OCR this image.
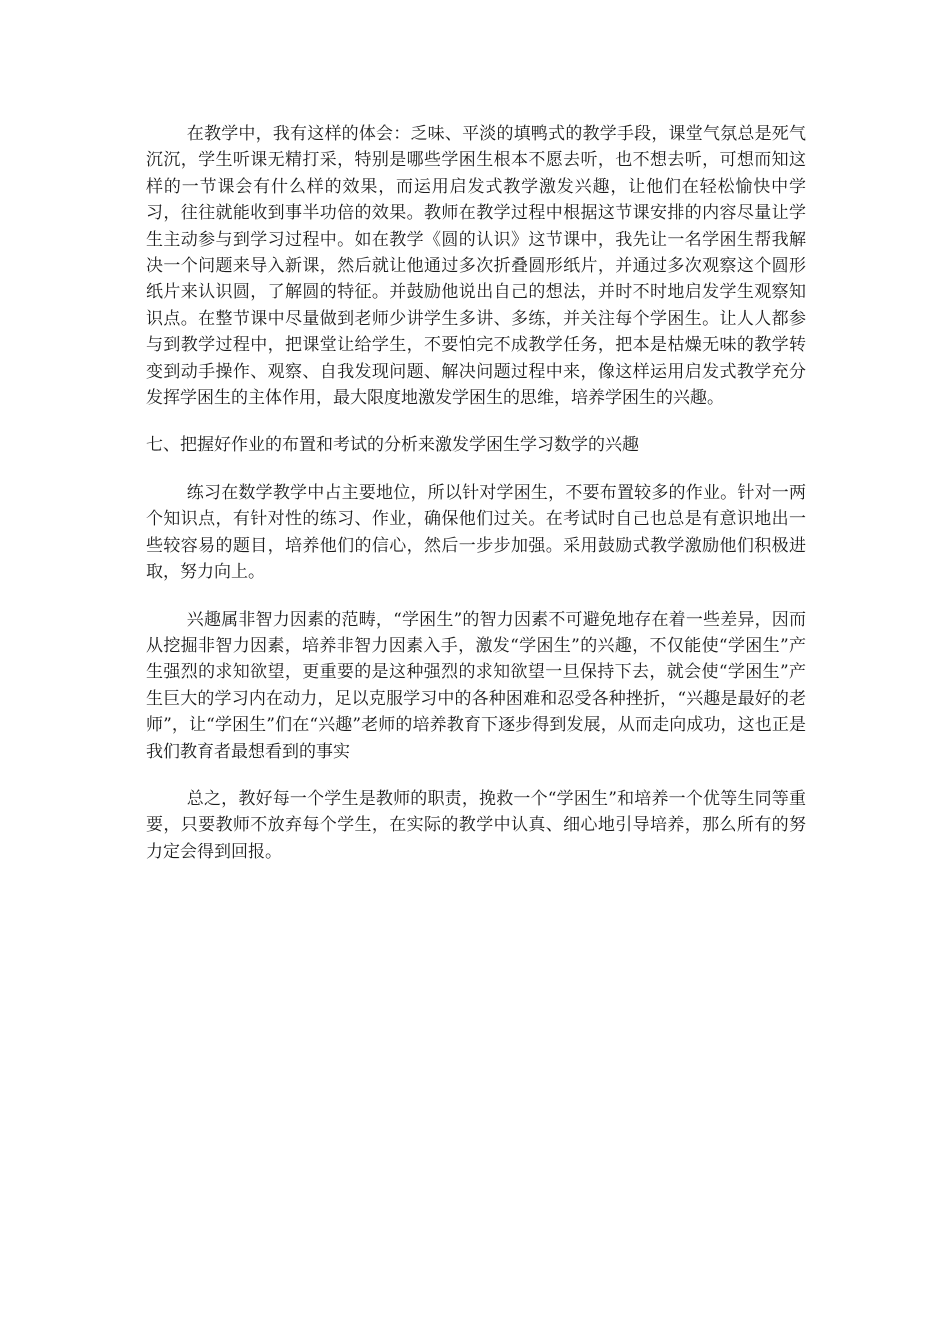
在教学中，我有这样的体会：乏味、平淡的填鸭式的教学手段，课堂气氛总是死气沉沉，学生听课无精打采，特别是哪些学困生根本不愿去听，也不想去听，可想而知这样的一节课会有什么样的效果，而运用启发式教学激发兴趣，让他们在轻松愉快中学习，往往就能收到事半功倍的效果。教师在教学过程中根据这节课安排的内容尽量让学生主动参与到学习过程中。如在教学《圆的认识》这节课中，我先让一名学困生帮我解决一个问题来导入新课，然后就让他通过多次折叠圆形纸片，并通过多次观察这个圆形纸片来认识圆，了解圆的特征。并鼓励他说出自己的想法，并时不时地启发学生观察知识点。在整节课中尽量做到老师少讲学生多讲、多练，并关注每个学困生。让人人都参与到教学过程中，把课堂让给学生，不要怕完不成教学任务，把本是枯燥无味的教学转变到动手操作、观察、自我发现问题、解决问题过程中来，像这样运用启发式教学充分发挥学困生的主体作用，最大限度地激发学困生的思维，培养学困生的兴趣。

七、把握好作业的布置和考试的分析来激发学困生学习数学的兴趣

练习在数学教学中占主要地位，所以针对学困生，不要布置较多的作业。针对一两个知识点，有针对性的练习、作业，确保他们过关。在考试时自己也总是有意识地出一些较容易的题目，培养他们的信心，然后一步步加强。采用鼓励式教学激励他们积极进取，努力向上。

兴趣属非智力因素的范畴，“学困生”的智力因素不可避免地存在着一些差异，因而从挖掘非智力因素，培养非智力因素入手，激发“学困生”的兴趣，不仅能使“学困生”产生强烈的求知欲望，更重要的是这种强烈的求知欲望一旦保持下去，就会使“学困生”产生巨大的学习内在动力，足以克服学习中的各种困难和忍受各种挫折，“兴趣是最好的老师”，让“学困生”们在“兴趣”老师的培养教育下逐步得到发展，从而走向成功，这也正是我们教育者最想看到的事实

总之，教好每一个学生是教师的职责，挽救一个“学困生”和培养一个优等生同等重要，只要教师不放弃每个学生，在实际的教学中认真、细心地引导培养，那么所有的努力定会得到回报。
